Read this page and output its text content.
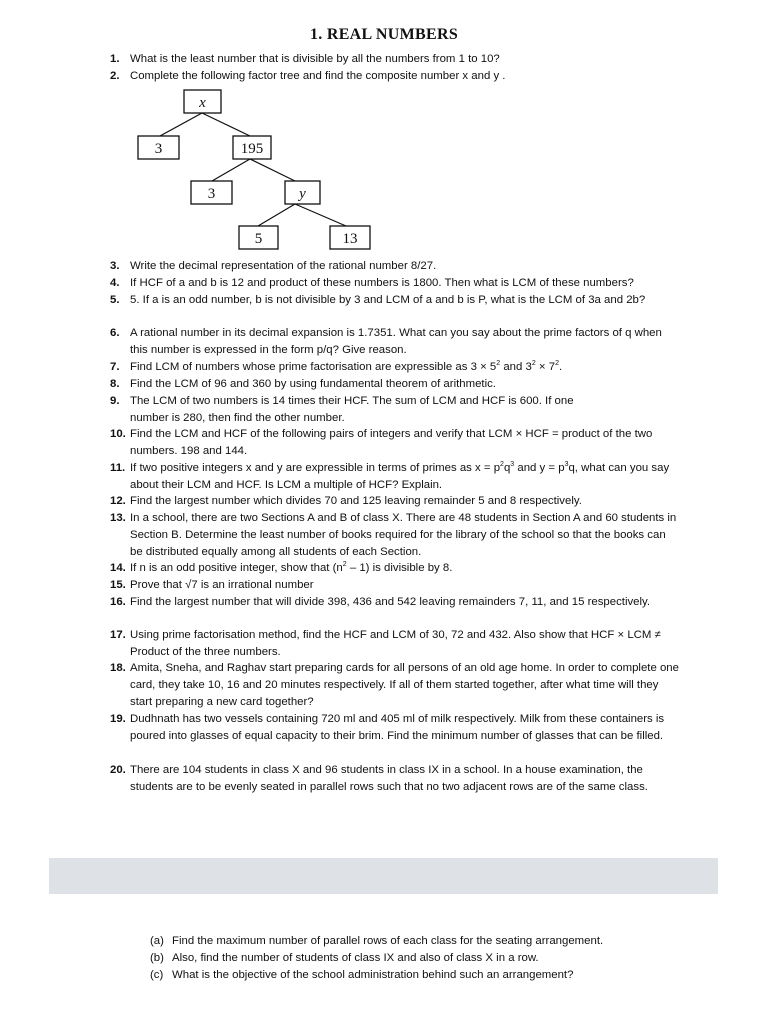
1. REAL NUMBERS
1. What is the least number that is divisible by all the numbers from 1 to 10?
2. Complete the following factor tree and find the composite number x and y .
x
3	195
3	y
5	13
3. Write the decimal representation of the rational number 8/27.
4. If HCF of a and b is 12 and product of these numbers is 1800. Then what is LCM of these numbers?
5. 5. If a is an odd number, b is not divisible by 3 and LCM of a and b is P, what is the LCM of 3a and 2b?
6. A rational number in its decimal expansion is 1.7351. What can you say about the prime factors of q when this number is expressed in the form p/q? Give reason.
7. Find LCM of numbers whose prime factorisation are expressible as $3 \times 5^2$ and $3^2 \times 7^2$.
8. Find the LCM of 96 and 360 by using fundamental theorem of arithmetic.
9. The LCM of two numbers is 14 times their HCF. The sum of LCM and HCF is 600. If one
number is 280, then find the other number.
10. Find the LCM and HCF of the following pairs of integers and verify that LCM × HCF = product of the two numbers. 198 and 144.
11. If two positive integers x and y are expressible in terms of primes as $x = p^2q^3$ and $y = p^3q$, what can you say about their LCM and HCF. Is LCM a multiple of HCF? Explain.
12. Find the largest number which divides 70 and 125 leaving remainder 5 and 8 respectively.
13. In a school, there are two Sections A and B of class X. There are 48 students in Section A and 60 students in Section B. Determine the least number of books required for the library of the school so that the books can be distributed equally among all students of each Section.
14. If n is an odd positive integer, show that $(n^2 - 1)$ is divisible by 8.
15. Prove that √7 is an irrational number
16. Find the largest number that will divide 398, 436 and 542 leaving remainders 7, 11, and 15 respectively.
17. Using prime factorisation method, find the HCF and LCM of 30, 72 and 432. Also show that HCF × LCM ≠ Product of the three numbers.
18. Amita, Sneha, and Raghav start preparing cards for all persons of an old age home. In order to complete one card, they take 10, 16 and 20 minutes respectively. If all of them started together, after what time will they start preparing a new card together?
19. Dudhnath has two vessels containing 720 ml and 405 ml of milk respectively. Milk from these containers is poured into glasses of equal capacity to their brim. Find the minimum number of glasses that can be filled.
20. There are 104 students in class X and 96 students in class IX in a school. In a house examination, the students are to be evenly seated in parallel rows such that no two adjacent rows are of the same class.
(a) Find the maximum number of parallel rows of each class for the seating arrangement.
(b) Also, find the number of students of class IX and also of class X in a row.
(c) What is the objective of the school administration behind such an arrangement?
